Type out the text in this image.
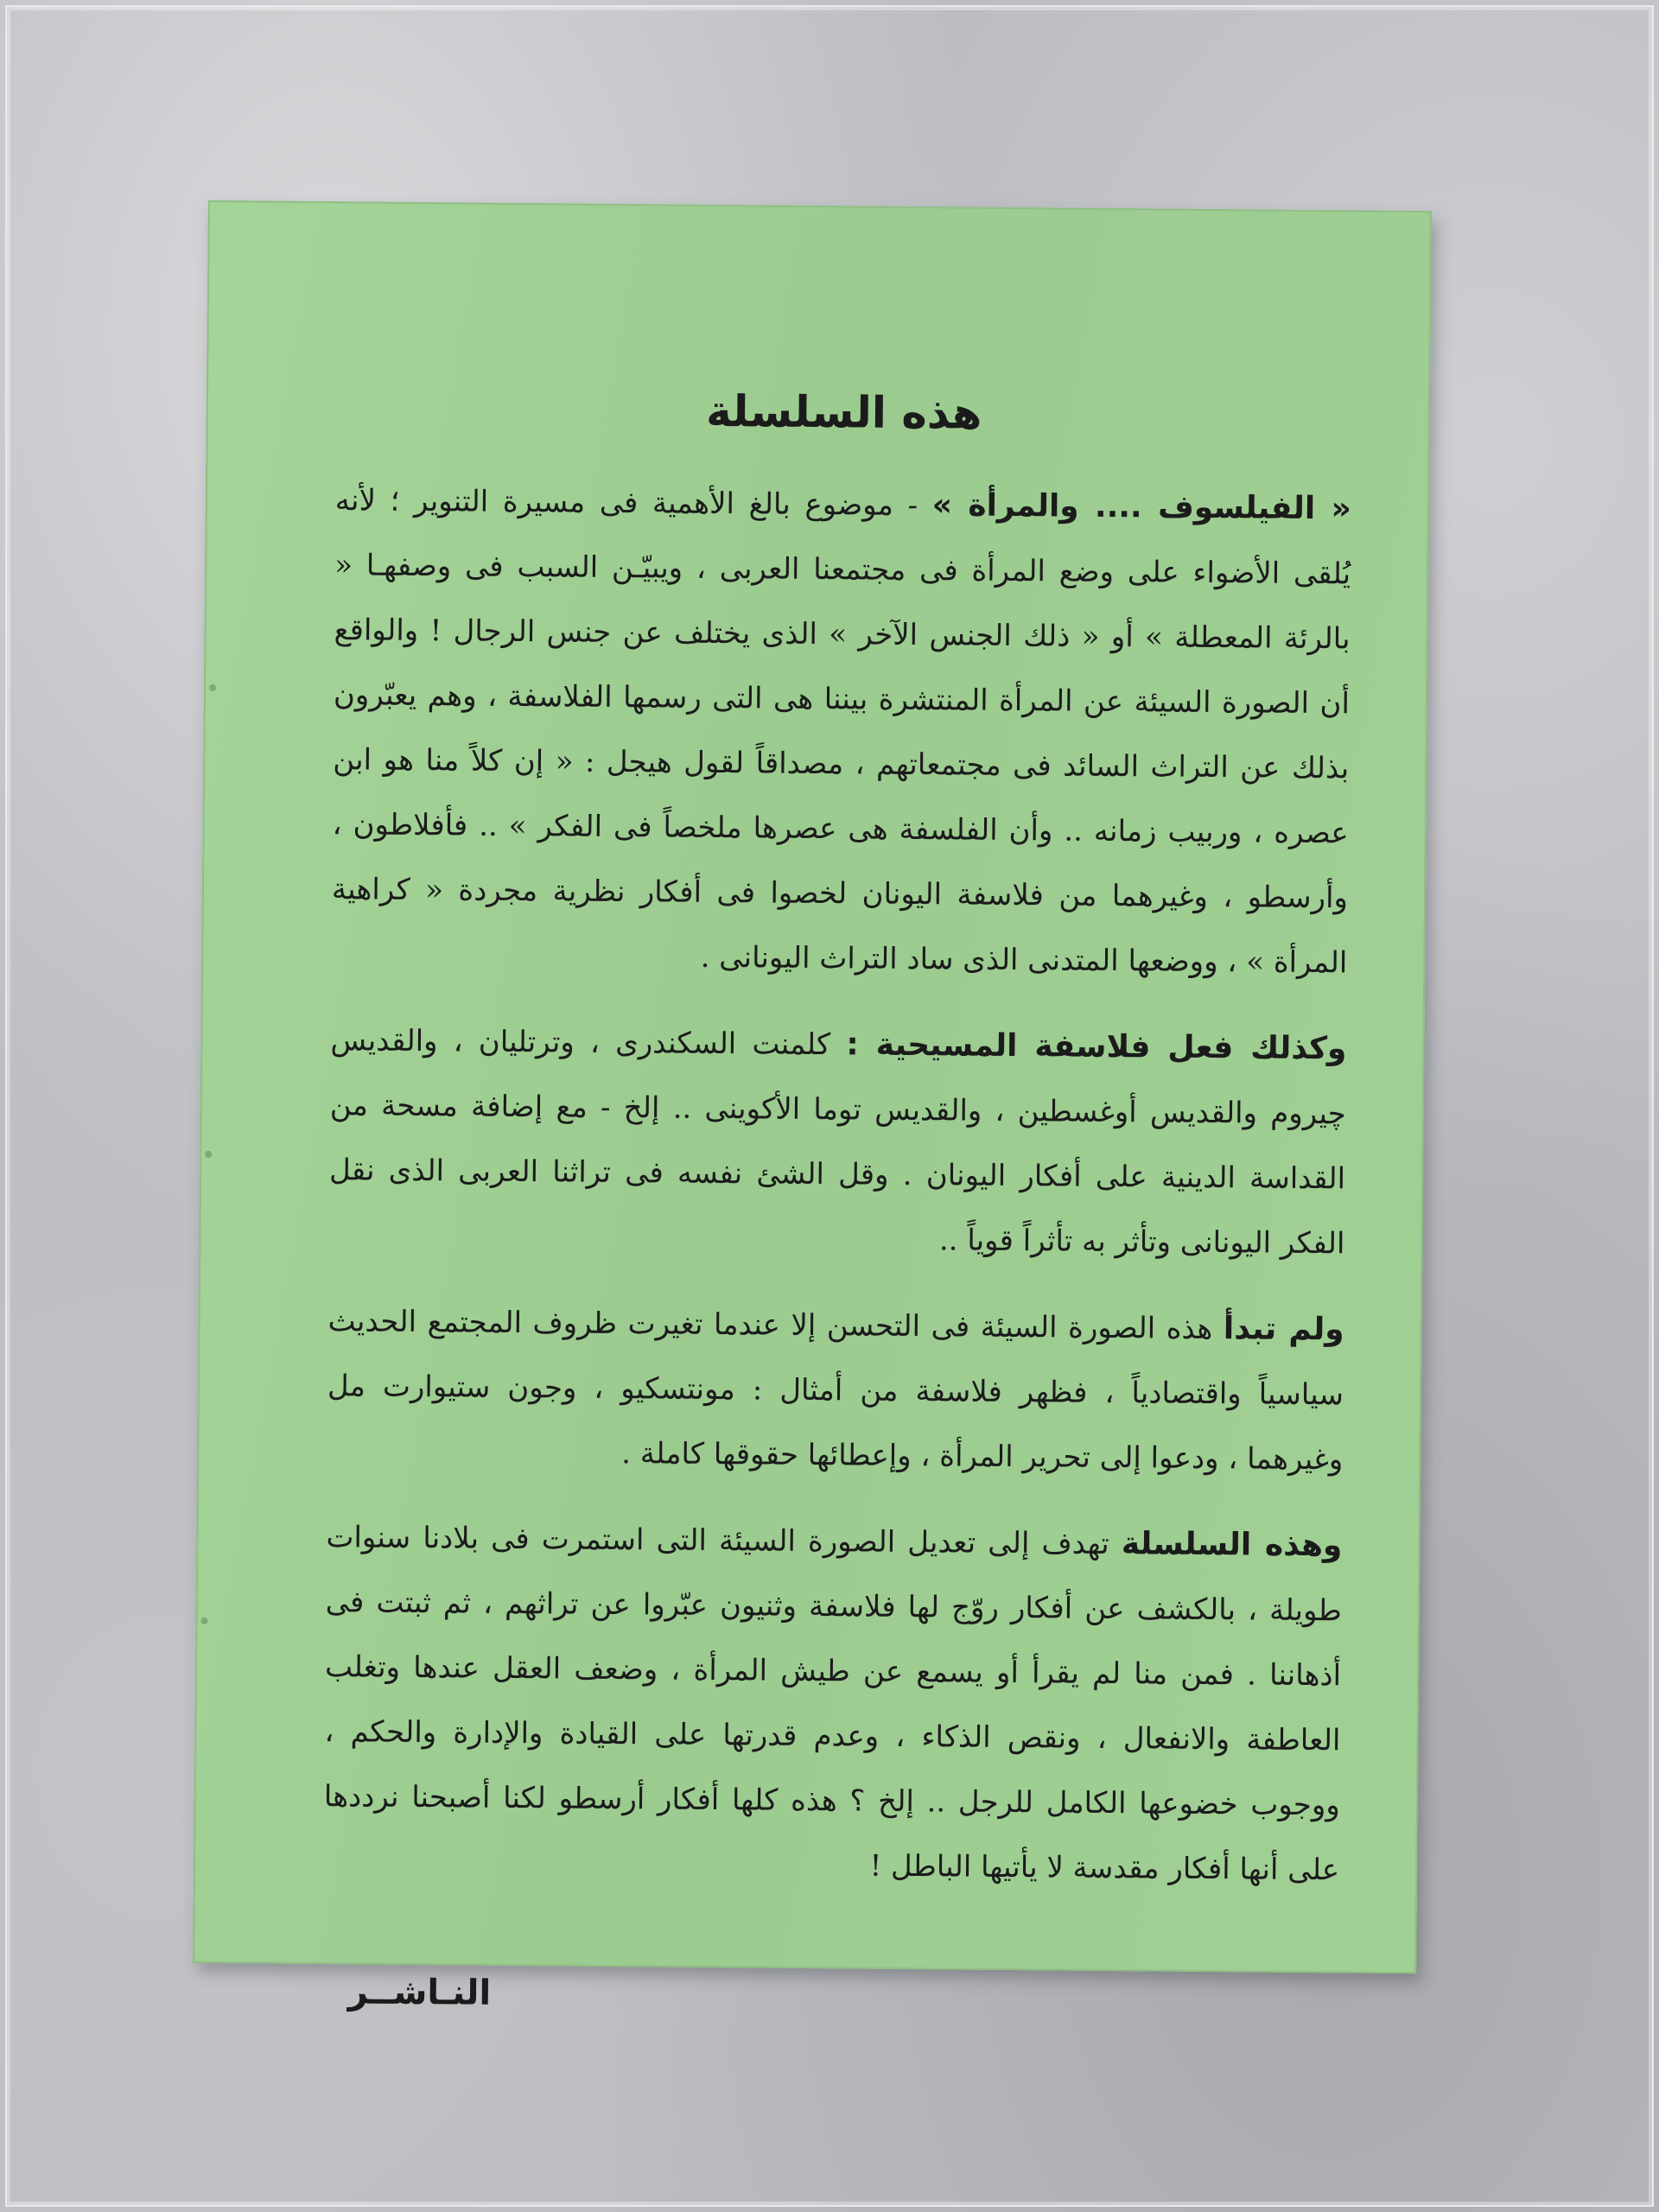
هذه السلسلة

« الفيلسوف .... والمرأة » - موضوع بالغ الأهمية فى مسيرة التنوير ؛ لأنه يُلقى الأضواء على وضع المرأة فى مجتمعنا العربى ، ويبيّـن السبب فى وصفهـا « بالرئة المعطلة » أو « ذلك الجنس الآخر » الذى يختلف عن جنس الرجال ! والواقع أن الصورة السيئة عن المرأة المنتشرة بيننا هى التى رسمها الفلاسفة ، وهم يعبّرون بذلك عن التراث السائد فى مجتمعاتهم ، مصداقاً لقول هيجل : « إن كلاً منا هو ابن عصره ، وربيب زمانه .. وأن الفلسفة هى عصرها ملخصاً فى الفكر » .. فأفلاطون ، وأرسطو ، وغيرهما من فلاسفة اليونان لخصوا فى أفكار نظرية مجردة « كراهية المرأة » ، ووضعها المتدنى الذى ساد التراث اليونانى .

وكذلك فعل فلاسفة المسيحية : كلمنت السكندرى ، وترتليان ، والقديس چيروم والقديس أوغسطين ، والقديس توما الأكوينى .. إلخ - مع إضافة مسحة من القداسة الدينية على أفكار اليونان . وقل الشئ نفسه فى تراثنا العربى الذى نقل الفكر اليونانى وتأثر به تأثراً قوياً ..

ولم تبدأ هذه الصورة السيئة فى التحسن إلا عندما تغيرت ظروف المجتمع الحديث سياسياً واقتصادياً ، فظهر فلاسفة من أمثال : مونتسكيو ، وجون ستيوارت مل وغيرهما ، ودعوا إلى تحرير المرأة ، وإعطائها حقوقها كاملة .

وهذه السلسلة تهدف إلى تعديل الصورة السيئة التى استمرت فى بلادنا سنوات طويلة ، بالكشف عن أفكار روّج لها فلاسفة وثنيون عبّروا عن تراثهم ، ثم ثبتت فى أذهاننا . فمن منا لم يقرأ أو يسمع عن طيش المرأة ، وضعف العقل عندها وتغلب العاطفة والانفعال ، ونقص الذكاء ، وعدم قدرتها على القيادة والإدارة والحكم ، ووجوب خضوعها الكامل للرجل .. إلخ ؟ هذه كلها أفكار أرسطو لكنا أصبحنا نرددها على أنها أفكار مقدسة لا يأتيها الباطل !

النـاشــر
